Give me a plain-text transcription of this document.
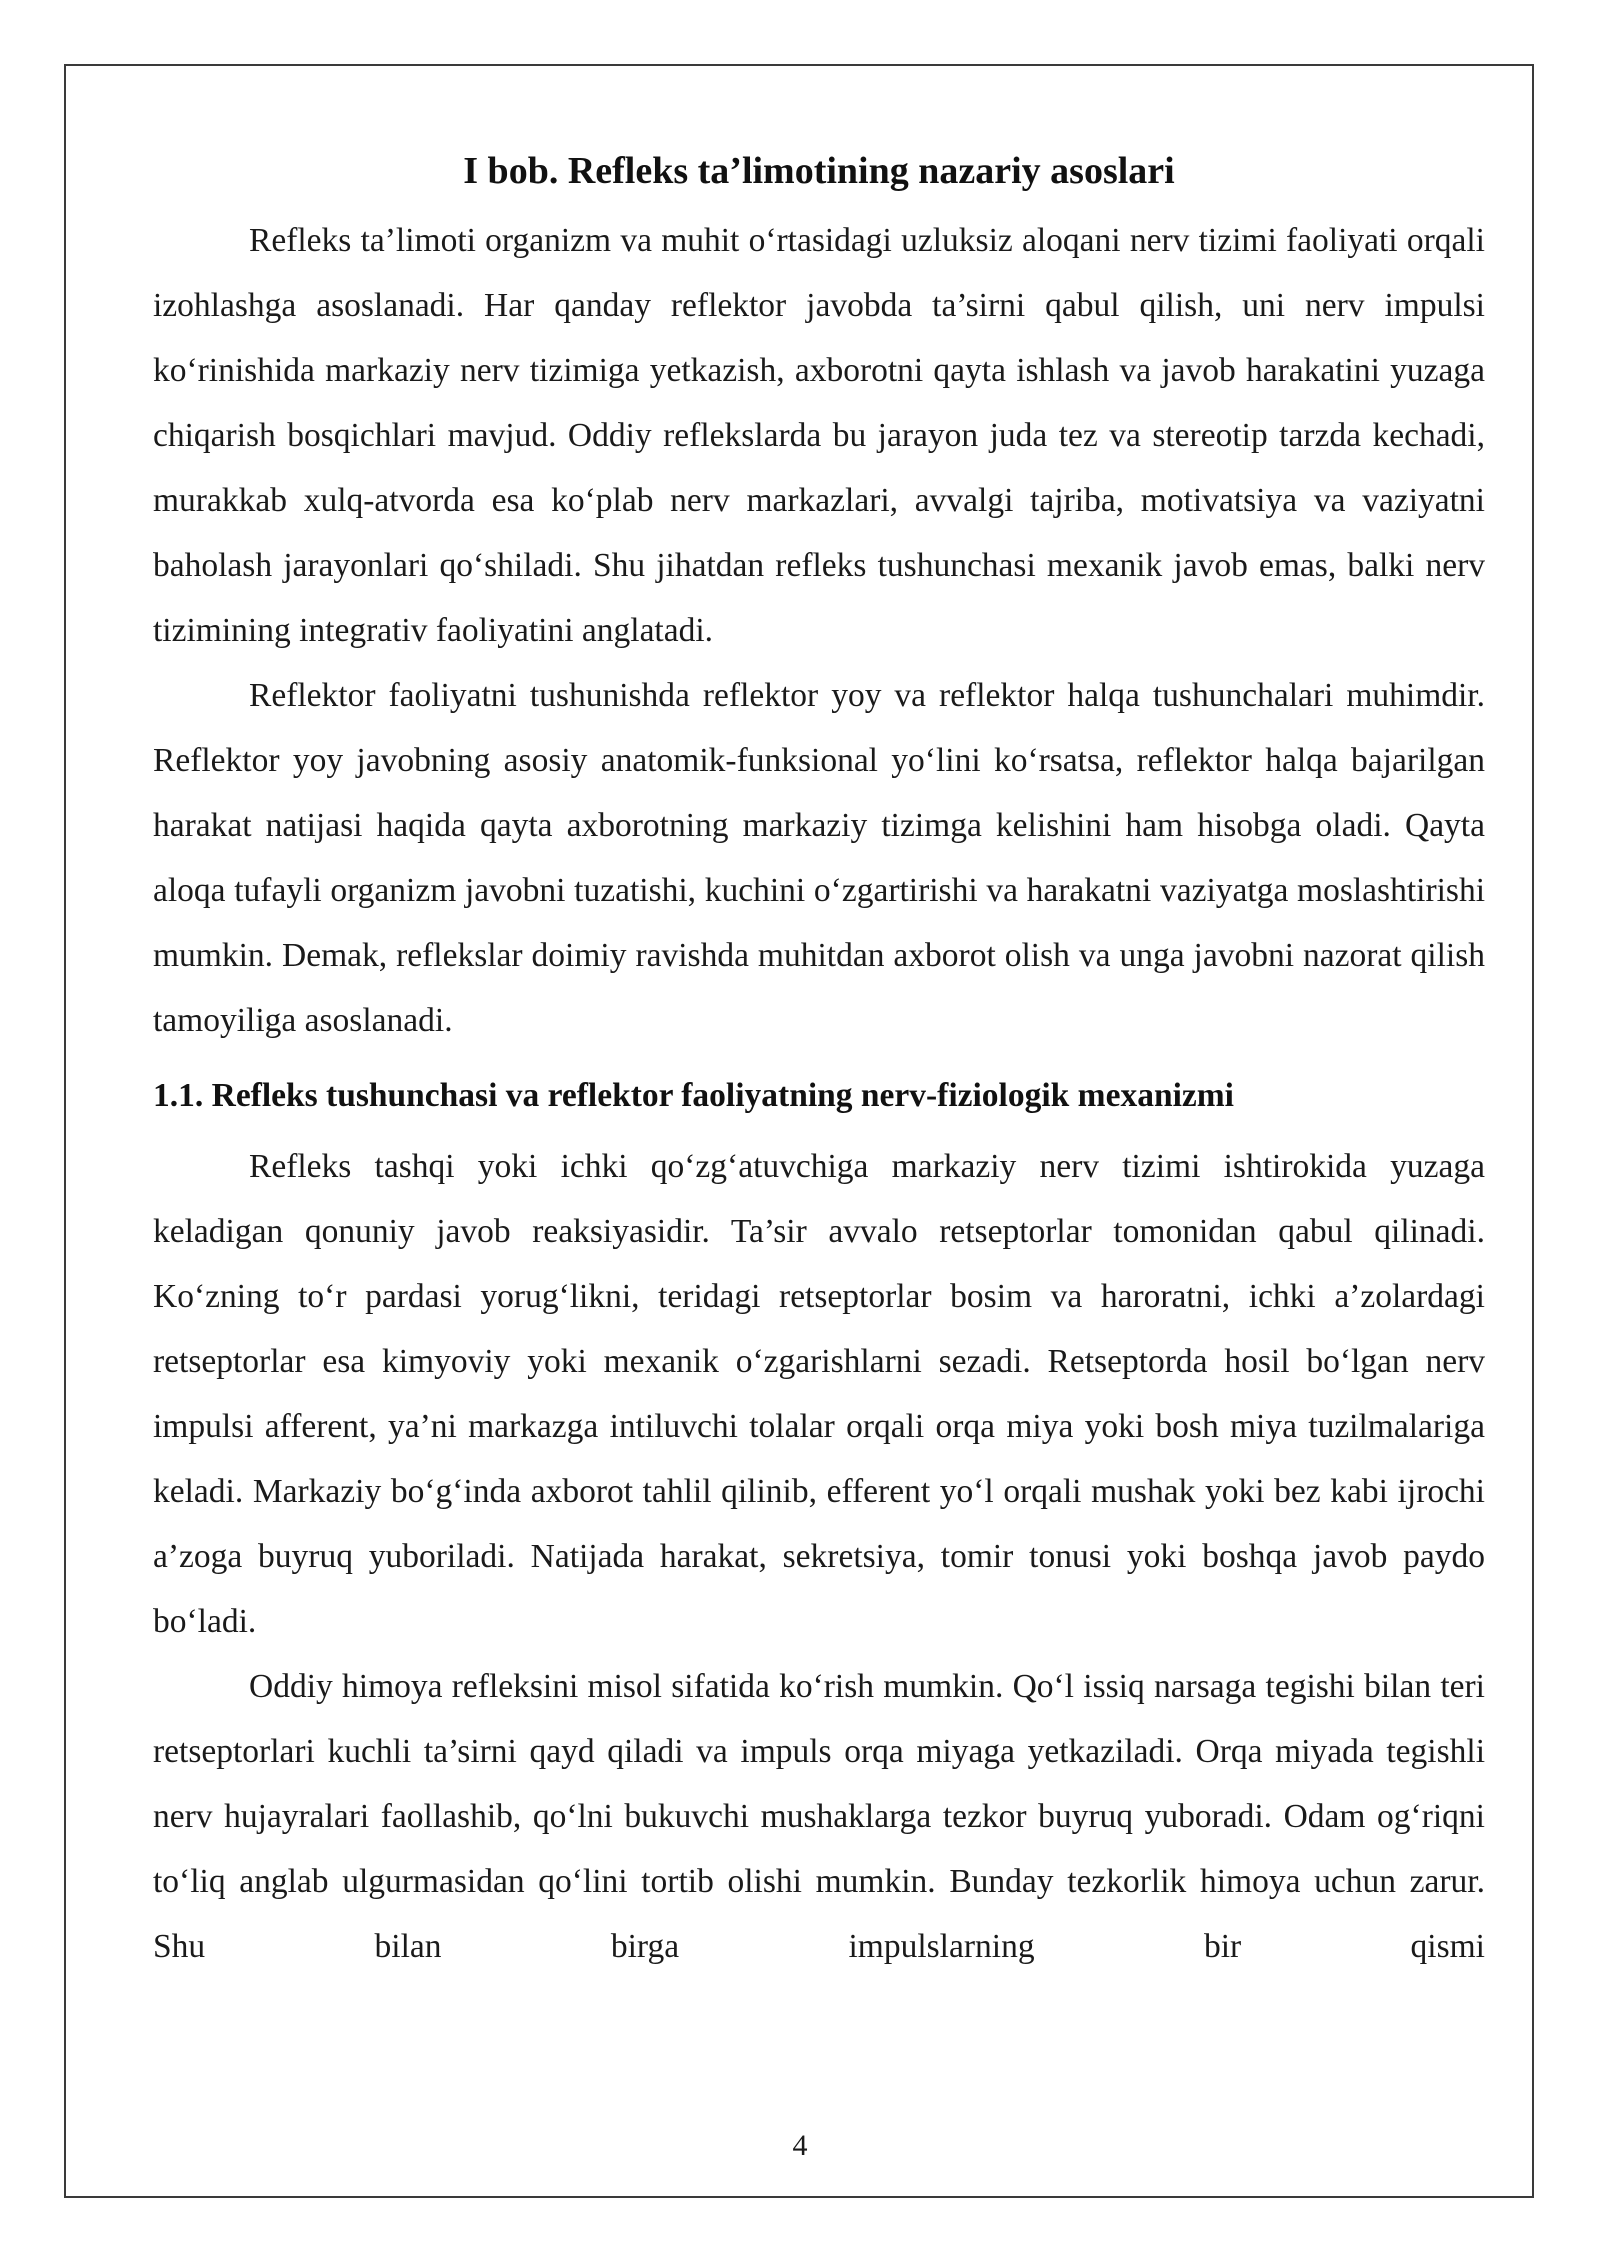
I bob. Refleks ta’limotining nazariy asoslari

Refleks ta’limoti organizm va muhit o‘rtasidagi uzluksiz aloqani nerv tizimi faoliyati orqali izohlashga asoslanadi. Har qanday reflektor javobda ta’sirni qabul qilish, uni nerv impulsi ko‘rinishida markaziy nerv tizimiga yetkazish, axborotni qayta ishlash va javob harakatini yuzaga chiqarish bosqichlari mavjud. Oddiy reflekslarda bu jarayon juda tez va stereotip tarzda kechadi, murakkab xulq-atvorda esa ko‘plab nerv markazlari, avvalgi tajriba, motivatsiya va vaziyatni baholash jarayonlari qo‘shiladi. Shu jihatdan refleks tushunchasi mexanik javob emas, balki nerv tizimining integrativ faoliyatini anglatadi.

Reflektor faoliyatni tushunishda reflektor yoy va reflektor halqa tushunchalari muhimdir. Reflektor yoy javobning asosiy anatomik-funksional yo‘lini ko‘rsatsa, reflektor halqa bajarilgan harakat natijasi haqida qayta axborotning markaziy tizimga kelishini ham hisobga oladi. Qayta aloqa tufayli organizm javobni tuzatishi, kuchini o‘zgartirishi va harakatni vaziyatga moslashtirishi mumkin. Demak, reflekslar doimiy ravishda muhitdan axborot olish va unga javobni nazorat qilish tamoyiliga asoslanadi.

1.1. Refleks tushunchasi va reflektor faoliyatning nerv-fiziologik mexanizmi

Refleks tashqi yoki ichki qo‘zg‘atuvchiga markaziy nerv tizimi ishtirokida yuzaga keladigan qonuniy javob reaksiyasidir. Ta’sir avvalo retseptorlar tomonidan qabul qilinadi. Ko‘zning to‘r pardasi yorug‘likni, teridagi retseptorlar bosim va haroratni, ichki a’zolardagi retseptorlar esa kimyoviy yoki mexanik o‘zgarishlarni sezadi. Retseptorda hosil bo‘lgan nerv impulsi afferent, ya’ni markazga intiluvchi tolalar orqali orqa miya yoki bosh miya tuzilmalariga keladi. Markaziy bo‘g‘inda axborot tahlil qilinib, efferent yo‘l orqali mushak yoki bez kabi ijrochi a’zoga buyruq yuboriladi. Natijada harakat, sekretsiya, tomir tonusi yoki boshqa javob paydo bo‘ladi.

Oddiy himoya refleksini misol sifatida ko‘rish mumkin. Qo‘l issiq narsaga tegishi bilan teri retseptorlari kuchli ta’sirni qayd qiladi va impuls orqa miyaga yetkaziladi. Orqa miyada tegishli nerv hujayralari faollashib, qo‘lni bukuvchi mushaklarga tezkor buyruq yuboradi. Odam og‘riqni to‘liq anglab ulgurmasidan qo‘lini tortib olishi mumkin. Bunday tezkorlik himoya uchun zarur. Shu bilan birga impulslarning bir qismi

4
